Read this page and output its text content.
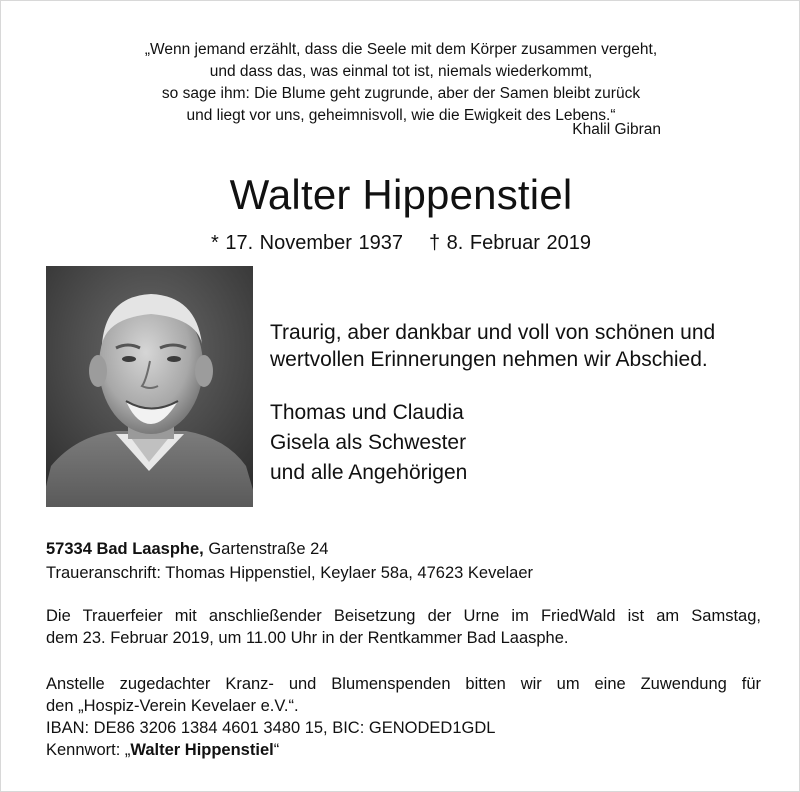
„Wenn jemand erzählt, dass die Seele mit dem Körper zusammen vergeht,
und dass das, was einmal tot ist, niemals wiederkommt,
so sage ihm: Die Blume geht zugrunde, aber der Samen bleibt zurück
und liegt vor uns, geheimnisvoll, wie die Ewigkeit des Lebens.“
Khalil Gibran
Walter Hippenstiel
* 17. November 1937 † 8. Februar 2019
Traurig, aber dankbar und voll von schönen und
wertvollen Erinnerungen nehmen wir Abschied.
Thomas und Claudia
Gisela als Schwester
und alle Angehörigen
57334 Bad Laasphe, Gartenstraße 24
Traueranschrift: Thomas Hippenstiel, Keylaer 58a, 47623 Kevelaer
Die Trauerfeier mit anschließender Beisetzung der Urne im FriedWald ist am Samstag,
dem 23. Februar 2019, um 11.00 Uhr in der Rentkammer Bad Laasphe.
Anstelle zugedachter Kranz- und Blumenspenden bitten wir um eine Zuwendung für
den „Hospiz-Verein Kevelaer e.V.“.
IBAN: DE86 3206 1384 4601 3480 15, BIC: GENODED1GDL
Kennwort: „Walter Hippenstiel“
